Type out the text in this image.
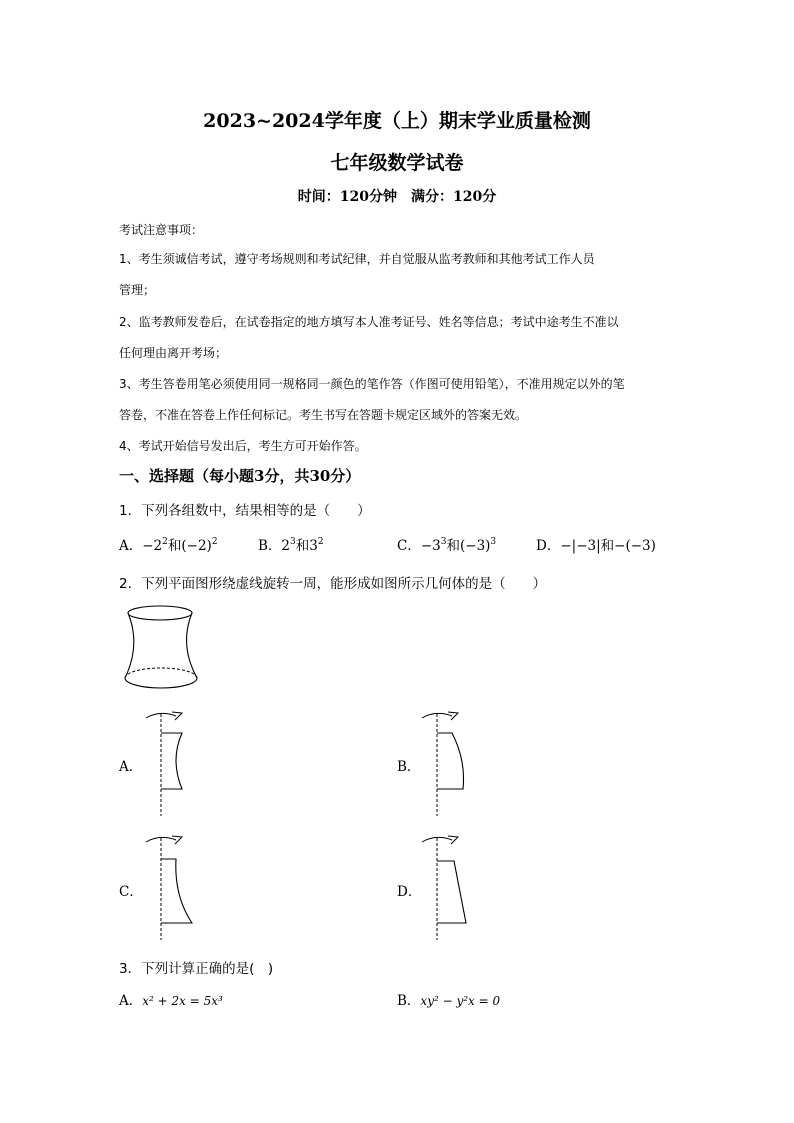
2023~2024学年度（上）期末学业质量检测
七年级数学试卷
时间：120分钟　满分：120分
考试注意事项：
1、考生须诚信考试，遵守考场规则和考试纪律，并自觉服从监考教师和其他考试工作人员
管理；
2、监考教师发卷后，在试卷指定的地方填写本人准考证号、姓名等信息；考试中途考生不准以
任何理由离开考场；
3、考生答卷用笔必须使用同一规格同一颜色的笔作答（作图可使用铅笔），不准用规定以外的笔
答卷，不准在答卷上作任何标记。考生书写在答题卡规定区域外的答案无效。
4、考试开始信号发出后，考生方可开始作答。
一、选择题（每小题3分，共30分）
1．下列各组数中，结果相等的是（　　）
A．$-2^2$和$(-2)^2$	B．$2^3$和$3^2$	C．$-3^3$和$(-3)^3$	D．−|−3|和−(−3)
2．下列平面图形绕虚线旋转一周，能形成如图所示几何体的是（　　）
A．	B．
C．	D．
3．下列计算正确的是(　)
A．x² + 2x = 5x³	B．xy² − y²x = 0
